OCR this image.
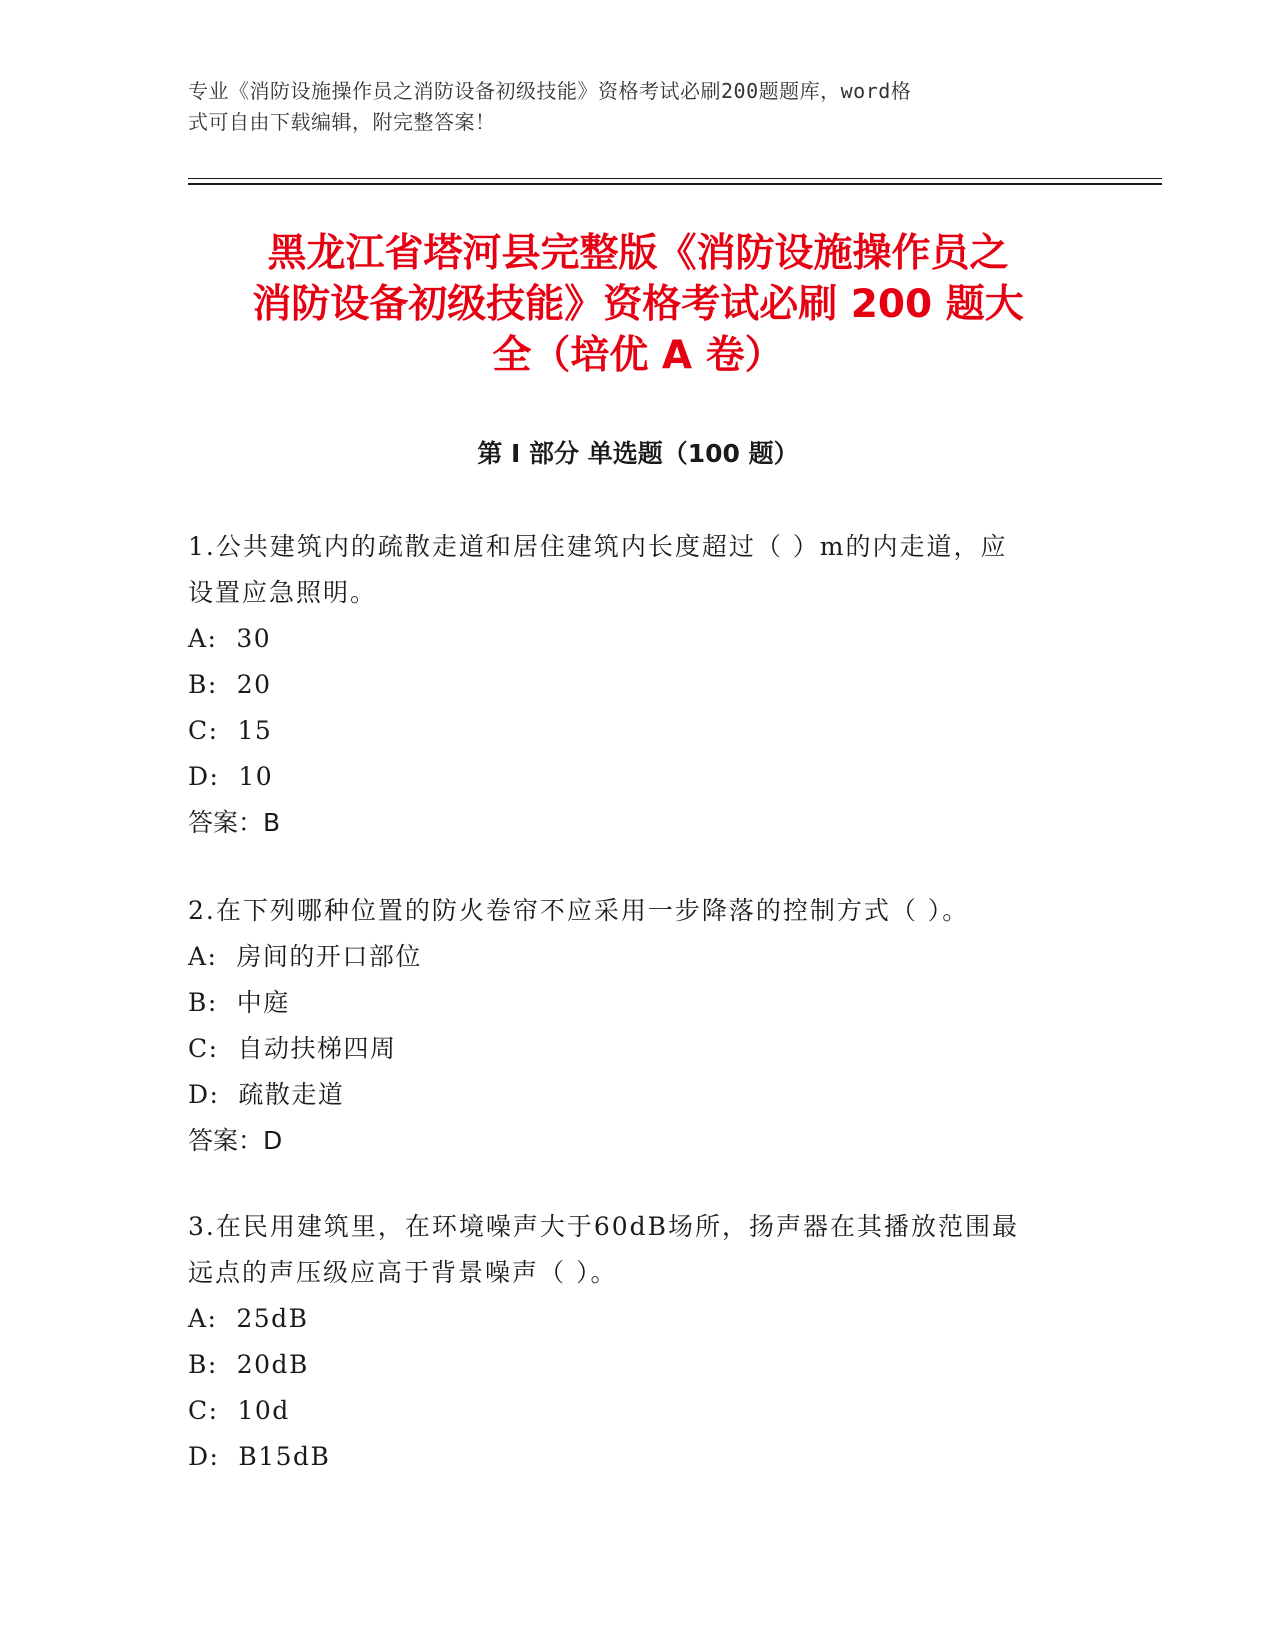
专业《消防设施操作员之消防设备初级技能》资格考试必刷200题题库，word格
式可自由下载编辑，附完整答案！
黑龙江省塔河县完整版《消防设施操作员之
消防设备初级技能》资格考试必刷 200 题大
全（培优 A 卷）
第 I 部分 单选题（100 题）

1.公共建筑内的疏散走道和居住建筑内长度超过（ ）m的内走道，应

设置应急照明。

A:  30

B:  20

C:  15

D:  10

答案：B

2.在下列哪种位置的防火卷帘不应采用一步降落的控制方式（ ）。

A:  房间的开口部位

B:  中庭

C:  自动扶梯四周

D:  疏散走道

答案：D

3.在民用建筑里，在环境噪声大于60dB场所，扬声器在其播放范围最

远点的声压级应高于背景噪声（ ）。

A:  25dB

B:  20dB

C:  10d

D:  B15dB
